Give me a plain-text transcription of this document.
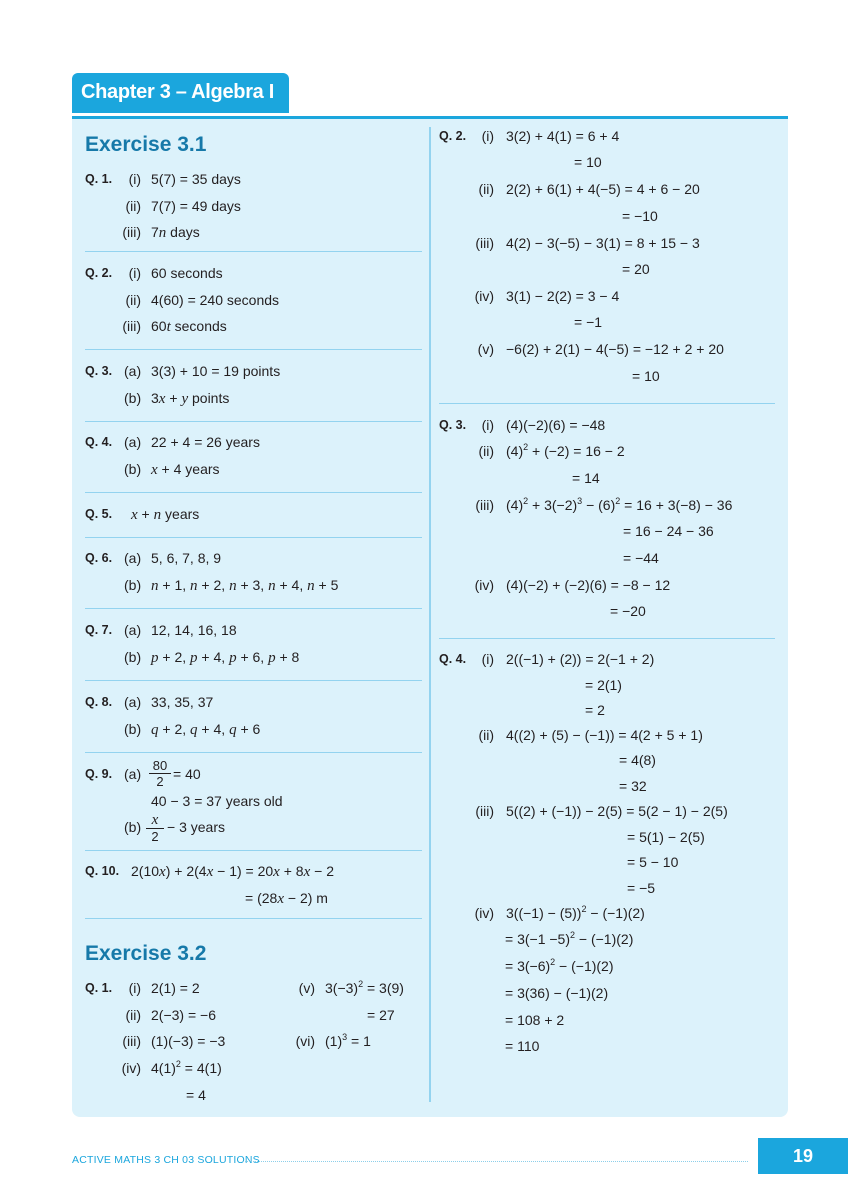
Chapter 3 – Algebra I
Exercise 3.1
Q. 1.	(i) 5(7) = 35 days
(ii) 7(7) = 49 days
(iii) 7n days
Q. 2.	(i) 60 seconds
(ii) 4(60) = 240 seconds
(iii) 60t seconds
Q. 3. (a) 3(3) + 10 = 19 points
(b) 3x + y points
Q. 4. (a) 22 + 4 = 26 years
(b) x + 4 years
Q. 5. x + n years
Q. 6. (a) 5, 6, 7, 8, 9
(b) n + 1, n + 2, n + 3, n + 4, n + 5
Q. 7. (a) 12, 14, 16, 18
(b) p + 2, p + 4, p + 6, p + 8
Q. 8. (a) 33, 35, 37
(b) q + 2, q + 4, q + 6
Q. 9. $(a) \frac{80}{2} = 40$
40 − 3 = 37 years old
$(b) \frac{x}{2} - 3$ years
Q. 10. 2(10x) + 2(4x − 1) = 20x + 8x − 2
= (28x − 2) m
Exercise 3.2
Q. 1.	(i) 2(1) = 2
(ii) 2(−3) = −6
(iii) (1)(−3) = −3
(iv) $4(1)^2 = 4(1)$
= 4
(v) $3(-3)^2 = 3(9)$
= 27
(vi) $(1)^3 = 1$
Q. 2.	(i) 3(2) + 4(1) = 6 + 4
= 10
(ii) 2(2) + 6(1) + 4(−5) = 4 + 6 − 20
= −10
(iii) 4(2) − 3(−5) − 3(1) = 8 + 15 − 3
= 20
(iv) 3(1) − 2(2) = 3 − 4
= −1
(v) −6(2) + 2(1) − 4(−5) = −12 + 2 + 20
= 10
Q. 3.	(i) (4)(−2)(6) = −48
(ii) $(4)^2 + (-2) = 16 - 2$
= 14
(iii) $(4)^2 + 3(-2)^3 - (6)^2 = 16 + 3(-8) - 36$
= 16 − 24 − 36
= −44
(iv) (4)(−2) + (−2)(6) = −8 − 12
= −20
Q. 4.	(i) 2((−1) + (2)) = 2(−1 + 2)
= 2(1)
= 2
(ii) 4((2) + (5) − (−1)) = 4(2 + 5 + 1)
= 4(8)
= 32
(iii) 5((2) + (−1)) − 2(5) = 5(2 − 1) − 2(5)
= 5(1) − 2(5)
= 5 − 10
= −5
(iv) $3((-1) - (5))^2 - (-1)(2)$
= $3(-1 -5)^2 - (-1)(2)$
= $3(-6)^2 - (-1)(2)$
= 3(36) − (−1)(2)
= 108 + 2
= 110
ACTIVE MATHS 3 CH 03 SOLUTIONS	19
